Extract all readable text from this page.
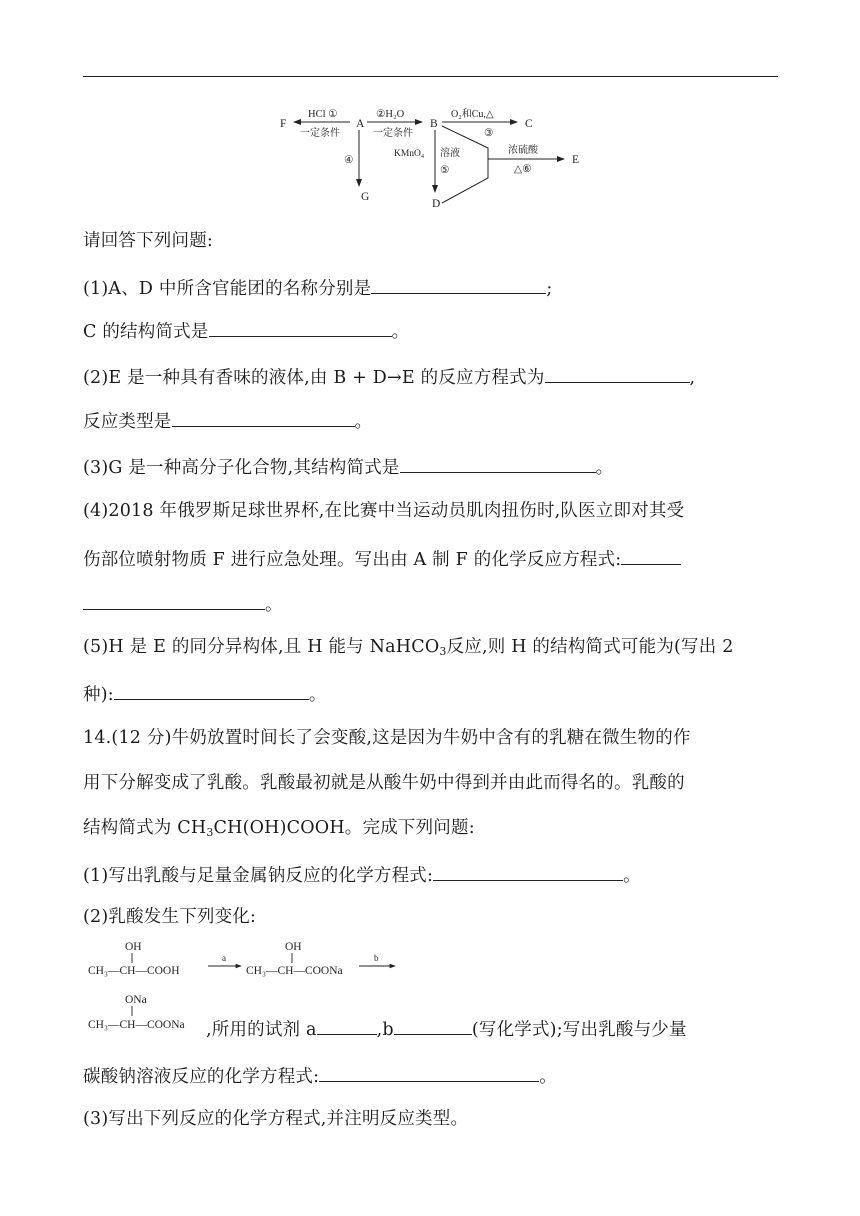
F	A	B	C
E
G
D
HCl ①
一定条件
②H₂O
一定条件
O₂和Cu,△
③
④
KMnO₄ 溶液
⑤
浓硫酸
△⑥
请回答下列问题:
(1)A、D 中所含官能团的名称分别是	;
C 的结构简式是	。
(2)E 是一种具有香味的液体,由 B + D→E 的反应方程式为	,
反应类型是	。
(3)G 是一种高分子化合物,其结构简式是	。
(4)2018 年俄罗斯足球世界杯,在比赛中当运动员肌肉扭伤时,队医立即对其受
伤部位喷射物质 F 进行应急处理。写出由 A 制 F 的化学反应方程式:
。
(5)H 是 E 的同分异构体,且 H 能与 NaHCO$_3$反应,则 H 的结构简式可能为(写出 2
种):	。
14.(12 分)牛奶放置时间长了会变酸,这是因为牛奶中含有的乳糖在微生物的作
用下分解变成了乳酸。乳酸最初就是从酸牛奶中得到并由此而得名的。乳酸的
结构简式为 $CH_3CH(OH)COOH$。完成下列问题:
(1)写出乳酸与足量金属钠反应的化学方程式:	。
(2)乳酸发生下列变化:
OH
CH₃—CH—COOH
a
OH
CH₃—CH—COONa
b
ONa
CH₃—CH—COONa ,所用的试剂 a	,b	(写化学式);写出乳酸与少量
碳酸钠溶液反应的化学方程式:	。
(3)写出下列反应的化学方程式,并注明反应类型。
